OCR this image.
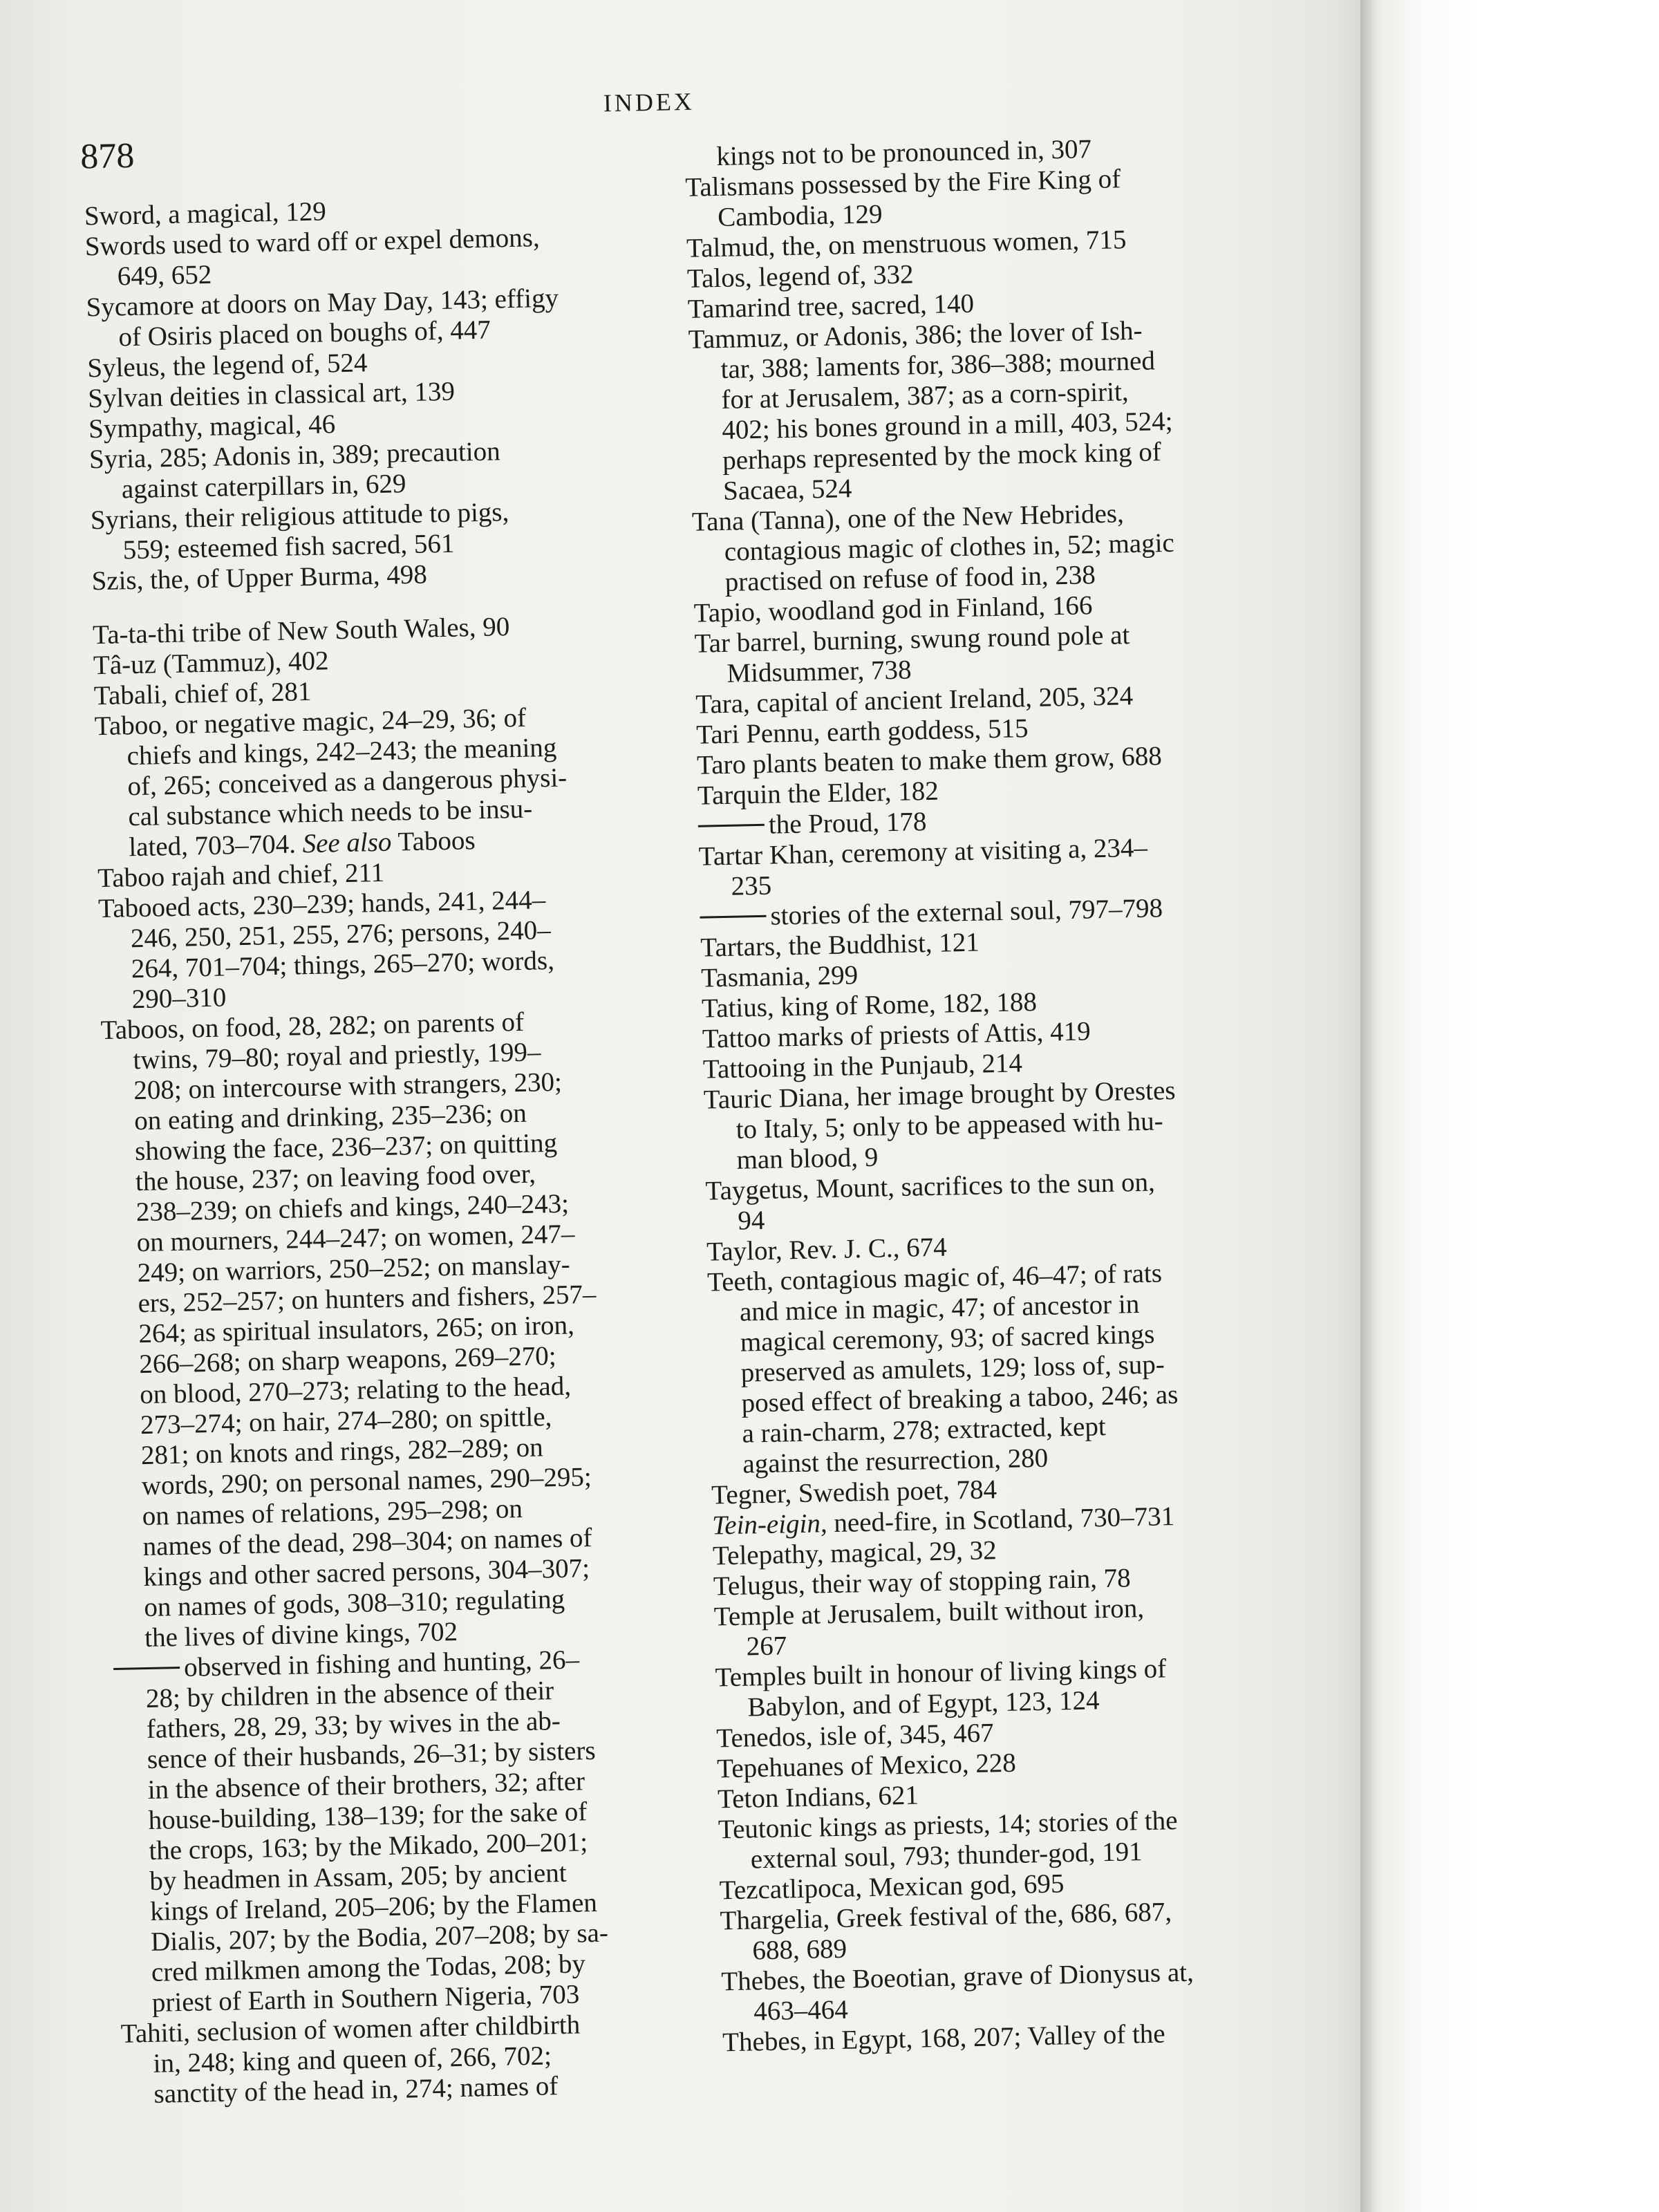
INDEX
878
Sword, a magical, 129
Swords used to ward off or expel demons,
649, 652
Sycamore at doors on May Day, 143; effigy
of Osiris placed on boughs of, 447
Syleus, the legend of, 524
Sylvan deities in classical art, 139
Sympathy, magical, 46
Syria, 285; Adonis in, 389; precaution
against caterpillars in, 629
Syrians, their religious attitude to pigs,
559; esteemed fish sacred, 561
Szis, the, of Upper Burma, 498
Ta-ta-thi tribe of New South Wales, 90
Tâ-uz (Tammuz), 402
Tabali, chief of, 281
Taboo, or negative magic, 24–29, 36; of
chiefs and kings, 242–243; the meaning
of, 265; conceived as a dangerous physi-
cal substance which needs to be insu-
lated, 703–704. See also Taboos
Taboo rajah and chief, 211
Tabooed acts, 230–239; hands, 241, 244–
246, 250, 251, 255, 276; persons, 240–
264, 701–704; things, 265–270; words,
290–310
Taboos, on food, 28, 282; on parents of
twins, 79–80; royal and priestly, 199–
208; on intercourse with strangers, 230;
on eating and drinking, 235–236; on
showing the face, 236–237; on quitting
the house, 237; on leaving food over,
238–239; on chiefs and kings, 240–243;
on mourners, 244–247; on women, 247–
249; on warriors, 250–252; on manslay-
ers, 252–257; on hunters and fishers, 257–
264; as spiritual insulators, 265; on iron,
266–268; on sharp weapons, 269–270;
on blood, 270–273; relating to the head,
273–274; on hair, 274–280; on spittle,
281; on knots and rings, 282–289; on
words, 290; on personal names, 290–295;
on names of relations, 295–298; on
names of the dead, 298–304; on names of
kings and other sacred persons, 304–307;
on names of gods, 308–310; regulating
the lives of divine kings, 702
observed in fishing and hunting, 26–
28; by children in the absence of their
fathers, 28, 29, 33; by wives in the ab-
sence of their husbands, 26–31; by sisters
in the absence of their brothers, 32; after
house-building, 138–139; for the sake of
the crops, 163; by the Mikado, 200–201;
by headmen in Assam, 205; by ancient
kings of Ireland, 205–206; by the Flamen
Dialis, 207; by the Bodia, 207–208; by sa-
cred milkmen among the Todas, 208; by
priest of Earth in Southern Nigeria, 703
Tahiti, seclusion of women after childbirth
in, 248; king and queen of, 266, 702;
sanctity of the head in, 274; names of
kings not to be pronounced in, 307
Talismans possessed by the Fire King of
Cambodia, 129
Talmud, the, on menstruous women, 715
Talos, legend of, 332
Tamarind tree, sacred, 140
Tammuz, or Adonis, 386; the lover of Ish-
tar, 388; laments for, 386–388; mourned
for at Jerusalem, 387; as a corn-spirit,
402; his bones ground in a mill, 403, 524;
perhaps represented by the mock king of
Sacaea, 524
Tana (Tanna), one of the New Hebrides,
contagious magic of clothes in, 52; magic
practised on refuse of food in, 238
Tapio, woodland god in Finland, 166
Tar barrel, burning, swung round pole at
Midsummer, 738
Tara, capital of ancient Ireland, 205, 324
Tari Pennu, earth goddess, 515
Taro plants beaten to make them grow, 688
Tarquin the Elder, 182
the Proud, 178
Tartar Khan, ceremony at visiting a, 234–
235
stories of the external soul, 797–798
Tartars, the Buddhist, 121
Tasmania, 299
Tatius, king of Rome, 182, 188
Tattoo marks of priests of Attis, 419
Tattooing in the Punjaub, 214
Tauric Diana, her image brought by Orestes
to Italy, 5; only to be appeased with hu-
man blood, 9
Taygetus, Mount, sacrifices to the sun on,
94
Taylor, Rev. J. C., 674
Teeth, contagious magic of, 46–47; of rats
and mice in magic, 47; of ancestor in
magical ceremony, 93; of sacred kings
preserved as amulets, 129; loss of, sup-
posed effect of breaking a taboo, 246; as
a rain-charm, 278; extracted, kept
against the resurrection, 280
Tegner, Swedish poet, 784
Tein-eigin, need-fire, in Scotland, 730–731
Telepathy, magical, 29, 32
Telugus, their way of stopping rain, 78
Temple at Jerusalem, built without iron,
267
Temples built in honour of living kings of
Babylon, and of Egypt, 123, 124
Tenedos, isle of, 345, 467
Tepehuanes of Mexico, 228
Teton Indians, 621
Teutonic kings as priests, 14; stories of the
external soul, 793; thunder-god, 191
Tezcatlipoca, Mexican god, 695
Thargelia, Greek festival of the, 686, 687,
688, 689
Thebes, the Boeotian, grave of Dionysus at,
463–464
Thebes, in Egypt, 168, 207; Valley of the
